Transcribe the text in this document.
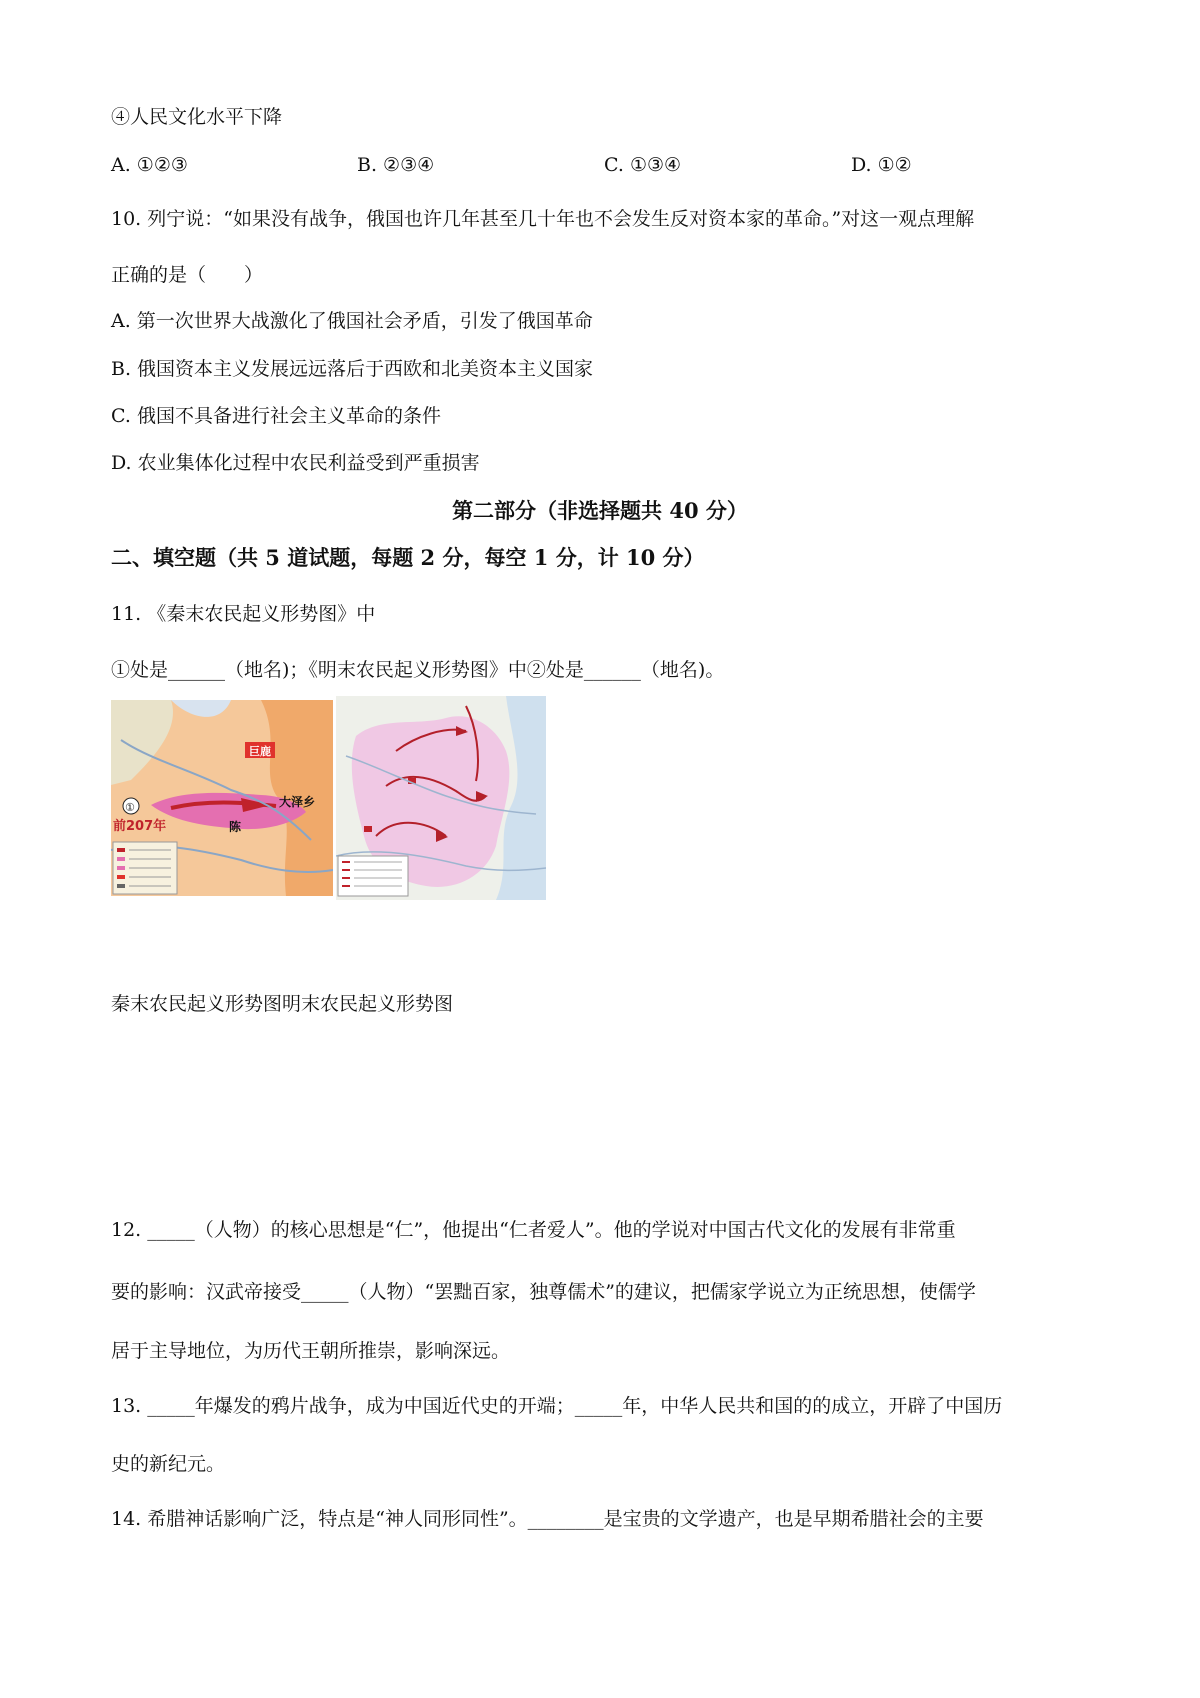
④人民文化水平下降
A. ①②③	B. ②③④	C. ①③④	D. ①②
10. 列宁说：“如果没有战争，俄国也许几年甚至几十年也不会发生反对资本家的革命。”对这一观点理解
正确的是（　　）
A. 第一次世界大战激化了俄国社会矛盾，引发了俄国革命
B. 俄国资本主义发展远远落后于西欧和北美资本主义国家
C. 俄国不具备进行社会主义革命的条件
D. 农业集体化过程中农民利益受到严重损害
第二部分（非选择题共 40 分）
二、填空题（共 5 道试题，每题 2 分，每空 1 分，计 10 分）
11. 《秦末农民起义形势图》中
①处是______（地名)；《明末农民起义形势图》中②处是______（地名)。
①
前207年
巨鹿
大泽乡
陈
秦末农民起义形势图明末农民起义形势图
12. _____（人物）的核心思想是“仁”，他提出“仁者爱人”。他的学说对中国古代文化的发展有非常重
要的影响：汉武帝接受_____（人物）“罢黜百家，独尊儒术”的建议，把儒家学说立为正统思想，使儒学
居于主导地位，为历代王朝所推崇，影响深远。
13. _____年爆发的鸦片战争，成为中国近代史的开端；_____年，中华人民共和国的的成立，开辟了中国历
史的新纪元。
14. 希腊神话影响广泛，特点是“神人同形同性”。________是宝贵的文学遗产，也是早期希腊社会的主要
